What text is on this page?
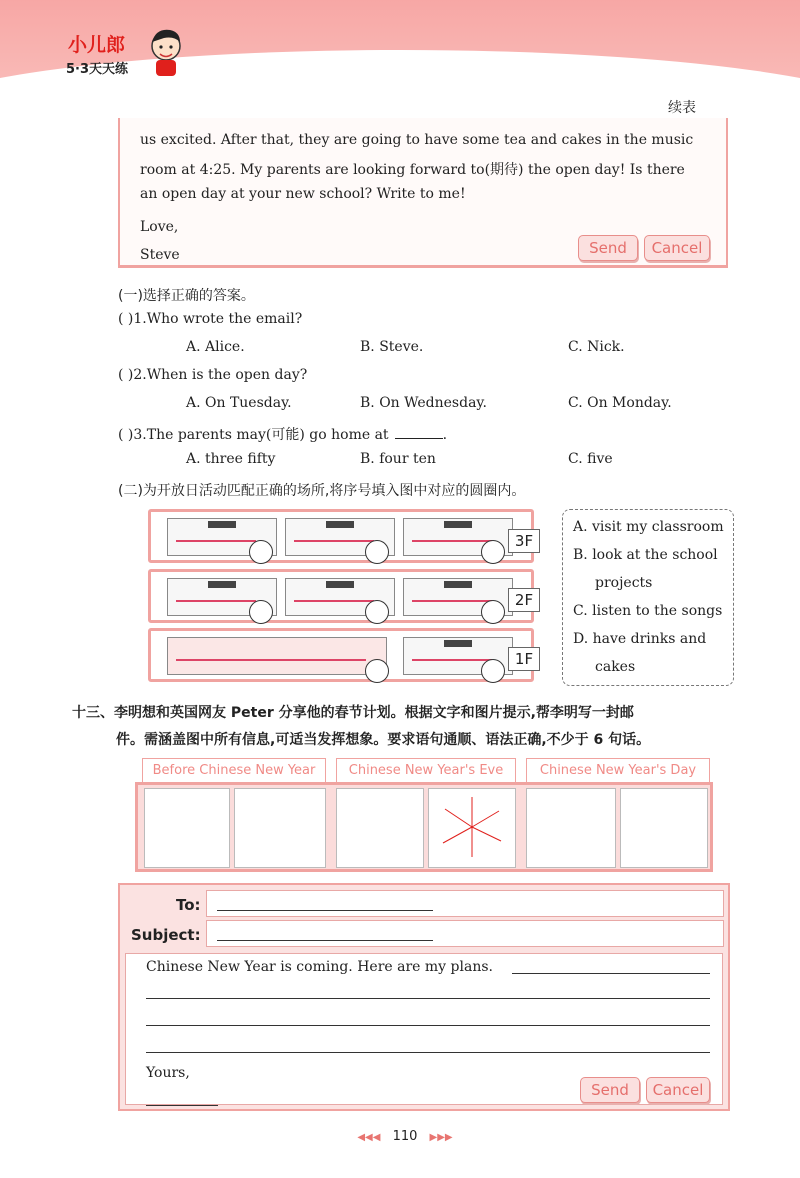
小儿郎
5·3天天练
续表
us excited. After that, they are going to have some tea and cakes in the music
room at 4:25. My parents are looking forward to(期待) the open day! Is there
an open day at your new school? Write to me!
Love,
Steve	Send	Cancel
(一)选择正确的答案。
( )1.Who wrote the email?
A. Alice.	B. Steve.	C. Nick.
( )2.When is the open day?
A. On Tuesday.	B. On Wednesday.	C. On Monday.
( )3.The parents may(可能) go home at	.
A. three fifty	B. four ten	C. five
(二)为开放日活动匹配正确的场所,将序号填入图中对应的圆圈内。
3F
2F
1F
A. visit my classroom
B. look at the school
projects
C. listen to the songs
D. have drinks and
cakes
十三、李明想和英国网友 Peter 分享他的春节计划。根据文字和图片提示,帮李明写一封邮
件。需涵盖图中所有信息,可适当发挥想象。要求语句通顺、语法正确,不少于 6 句话。
Before Chinese New Year	Chinese New Year's Eve	Chinese New Year's Day
To:
Subject:
Chinese New Year is coming. Here are my plans.
Yours,
Send	Cancel
◀◀◀ 110 ▶▶▶
